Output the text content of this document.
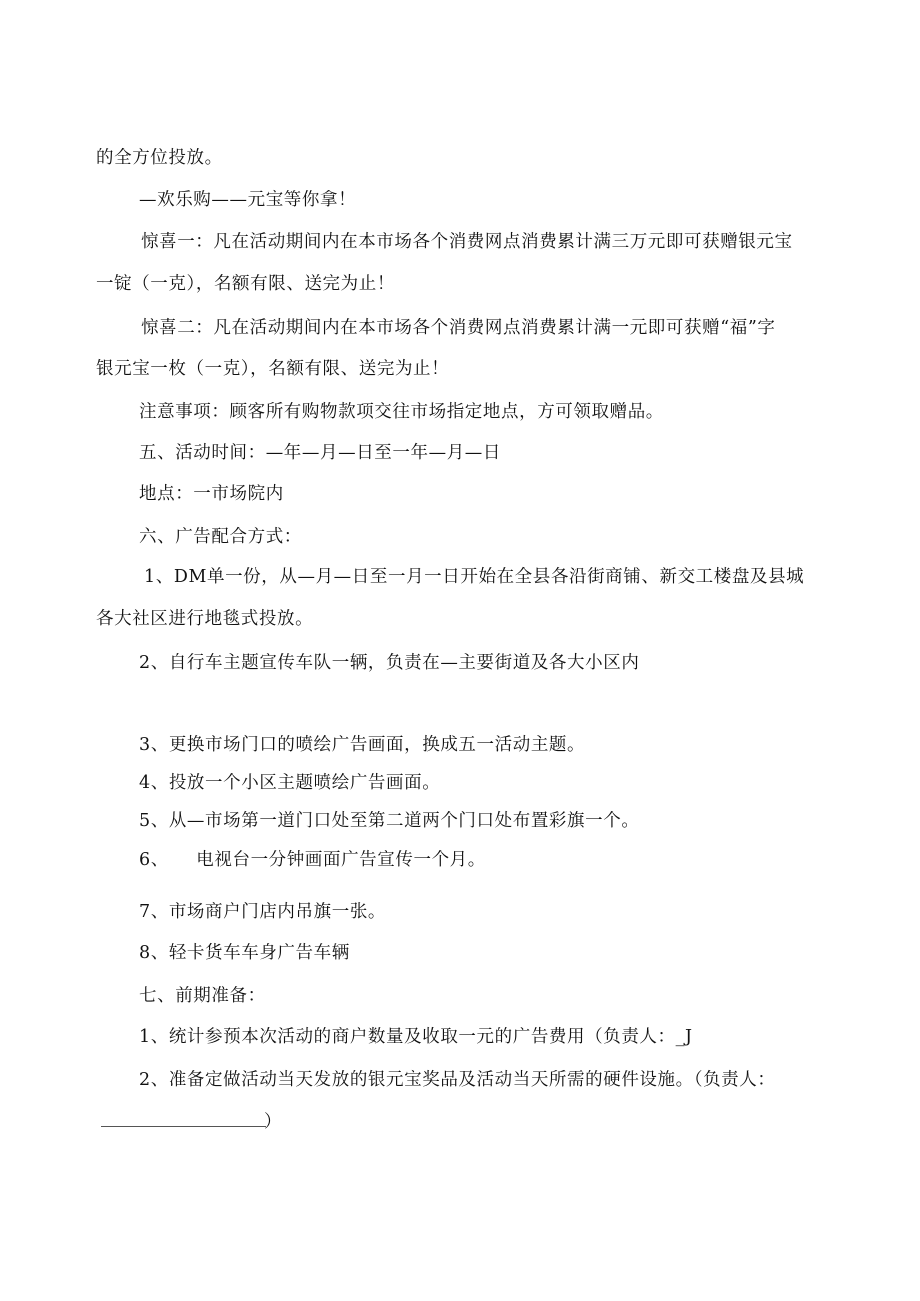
的全方位投放。
—欢乐购——元宝等你拿！
惊喜一：凡在活动期间内在本市场各个消费网点消费累计满三万元即可获赠银元宝
一锭（一克），名额有限、送完为止！
惊喜二：凡在活动期间内在本市场各个消费网点消费累计满一元即可获赠“福”字
银元宝一枚（一克），名额有限、送完为止！
注意事项：顾客所有购物款项交往市场指定地点，方可领取赠品。
五、活动时间：—年—月—日至一年—月—日
地点：一市场院内
六、广告配合方式：
1、DM单一份，从—月—日至一月一日开始在全县各沿街商铺、新交工楼盘及县城
各大社区进行地毯式投放。
2、自行车主题宣传车队一辆，负责在—主要街道及各大小区内
3、更换市场门口的喷绘广告画面，换成五一活动主题。
4、投放一个小区主题喷绘广告画面。
5、从—市场第一道门口处至第二道两个门口处布置彩旗一个。
6、　　电视台一分钟画面广告宣传一个月。
7、市场商户门店内吊旗一张。
8、轻卡货车车身广告车辆
七、前期准备：
1、统计参预本次活动的商户数量及收取一元的广告费用（负责人：_J
2、准备定做活动当天发放的银元宝奖品及活动当天所需的硬件设施。（负责人：
）
